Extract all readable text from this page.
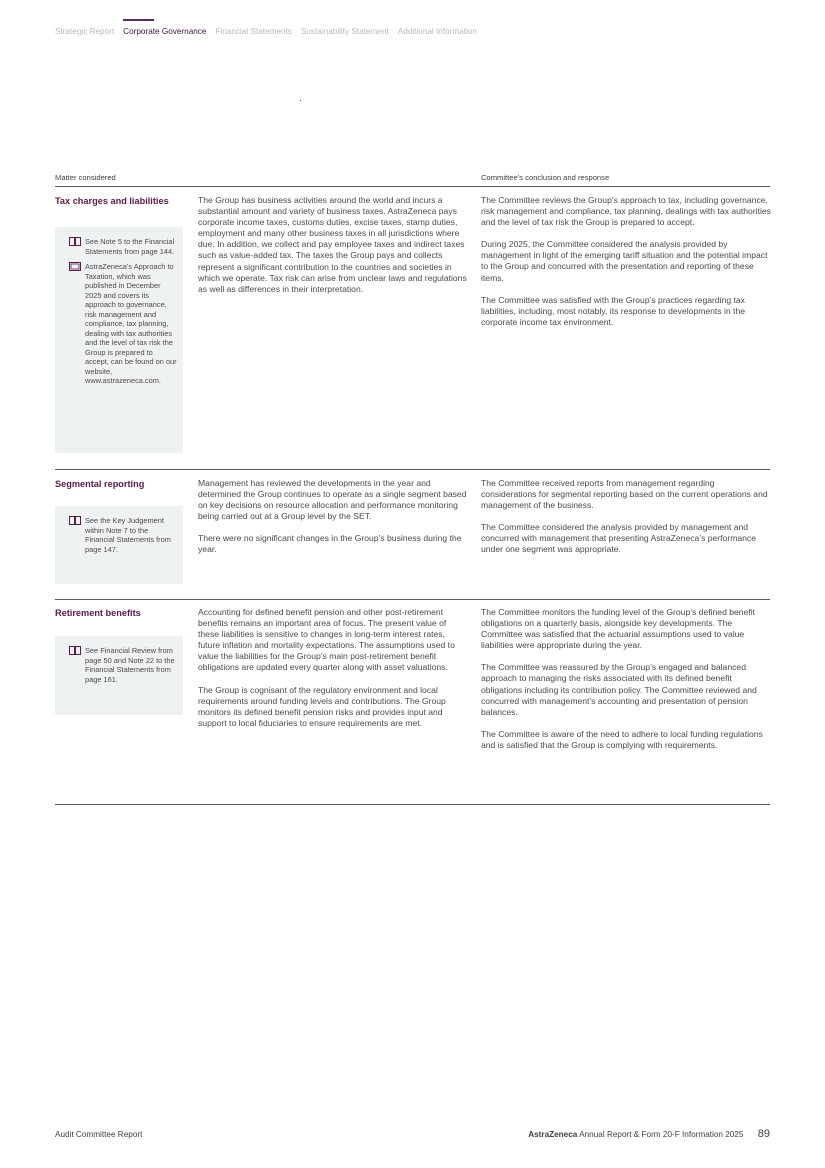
Strategic Report Corporate Governance Financial Statements Sustainability Statement Additional Information
Matter considered	Committee’s conclusion and response
Tax charges and liabilities
See Note 5 to the Financial Statements from page 144.
AstraZeneca’s Approach to Taxation, which was published in December 2025 and covers its approach to governance, risk management and compliance, tax planning, dealing with tax authorities and the level of tax risk the Group is prepared to accept, can be found on our website, www.astrazeneca.com.

The Group has business activities around the world and incurs a substantial amount and variety of business taxes. AstraZeneca pays corporate income taxes, customs duties, excise taxes, stamp duties, employment and many other business taxes in all jurisdictions where due. In addition, we collect and pay employee taxes and indirect taxes such as value-added tax. The taxes the Group pays and collects represent a significant contribution to the countries and societies in which we operate. Tax risk can arise from unclear laws and regulations as well as differences in their interpretation.

The Committee reviews the Group’s approach to tax, including governance, risk management and compliance, tax planning, dealings with tax authorities and the level of tax risk the Group is prepared to accept.

During 2025, the Committee considered the analysis provided by management in light of the emerging tariff situation and the potential impact to the Group and concurred with the presentation and reporting of these items.

The Committee was satisfied with the Group’s practices regarding tax liabilities, including, most notably, its response to developments in the corporate income tax environment.

Segmental reporting
See the Key Judgement within Note 7 to the Financial Statements from page 147.

Management has reviewed the developments in the year and determined the Group continues to operate as a single segment based on key decisions on resource allocation and performance monitoring being carried out at a Group level by the SET.

There were no significant changes in the Group’s business during the year.

The Committee received reports from management regarding considerations for segmental reporting based on the current operations and management of the business.

The Committee considered the analysis provided by management and concurred with management that presenting AstraZeneca’s performance under one segment was appropriate.

Retirement benefits
See Financial Review from page 50 and Note 22 to the Financial Statements from page 161.

Accounting for defined benefit pension and other post-retirement benefits remains an important area of focus. The present value of these liabilities is sensitive to changes in long-term interest rates, future inflation and mortality expectations. The assumptions used to value the liabilities for the Group’s main post-retirement benefit obligations are updated every quarter along with asset valuations.

The Group is cognisant of the regulatory environment and local requirements around funding levels and contributions. The Group monitors its defined benefit pension risks and provides input and support to local fiduciaries to ensure requirements are met.

The Committee monitors the funding level of the Group’s defined benefit obligations on a quarterly basis, alongside key developments. The Committee was satisfied that the actuarial assumptions used to value liabilities were appropriate during the year.

The Committee was reassured by the Group’s engaged and balanced approach to managing the risks associated with its defined benefit obligations including its contribution policy. The Committee reviewed and concurred with management’s accounting and presentation of pension balances.

The Committee is aware of the need to adhere to local funding regulations and is satisfied that the Group is complying with requirements.

Audit Committee Report	AstraZeneca Annual Report & Form 20-F Information 2025 89
